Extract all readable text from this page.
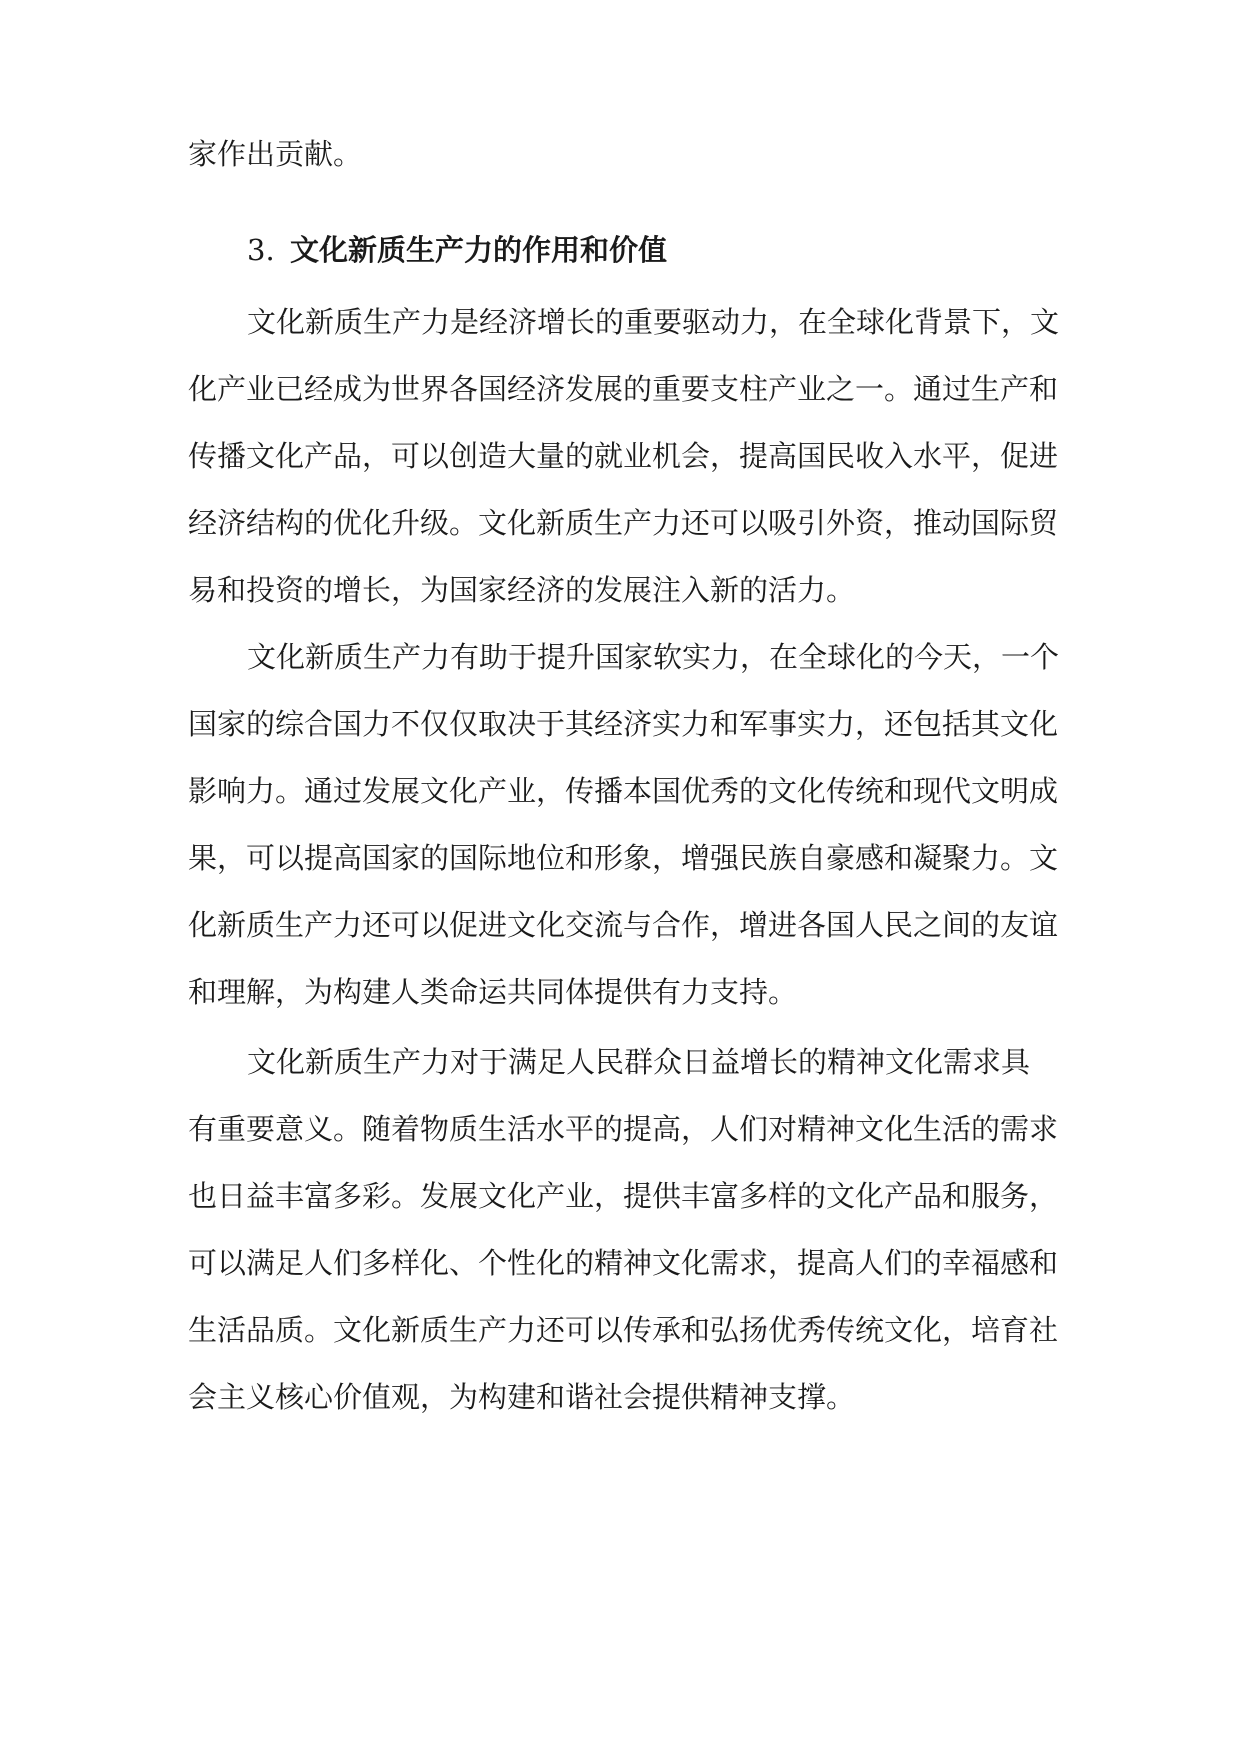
家作出贡献。
3. 文化新质生产力的作用和价值
文化新质生产力是经济增长的重要驱动力，在全球化背景下，文
化产业已经成为世界各国经济发展的重要支柱产业之一。通过生产和
传播文化产品，可以创造大量的就业机会，提高国民收入水平，促进
经济结构的优化升级。文化新质生产力还可以吸引外资，推动国际贸
易和投资的增长，为国家经济的发展注入新的活力。
文化新质生产力有助于提升国家软实力，在全球化的今天，一个
国家的综合国力不仅仅取决于其经济实力和军事实力，还包括其文化
影响力。通过发展文化产业，传播本国优秀的文化传统和现代文明成
果，可以提高国家的国际地位和形象，增强民族自豪感和凝聚力。文
化新质生产力还可以促进文化交流与合作，增进各国人民之间的友谊
和理解，为构建人类命运共同体提供有力支持。
文化新质生产力对于满足人民群众日益增长的精神文化需求具
有重要意义。随着物质生活水平的提高，人们对精神文化生活的需求
也日益丰富多彩。发展文化产业，提供丰富多样的文化产品和服务，
可以满足人们多样化、个性化的精神文化需求，提高人们的幸福感和
生活品质。文化新质生产力还可以传承和弘扬优秀传统文化，培育社
会主义核心价值观，为构建和谐社会提供精神支撑。
